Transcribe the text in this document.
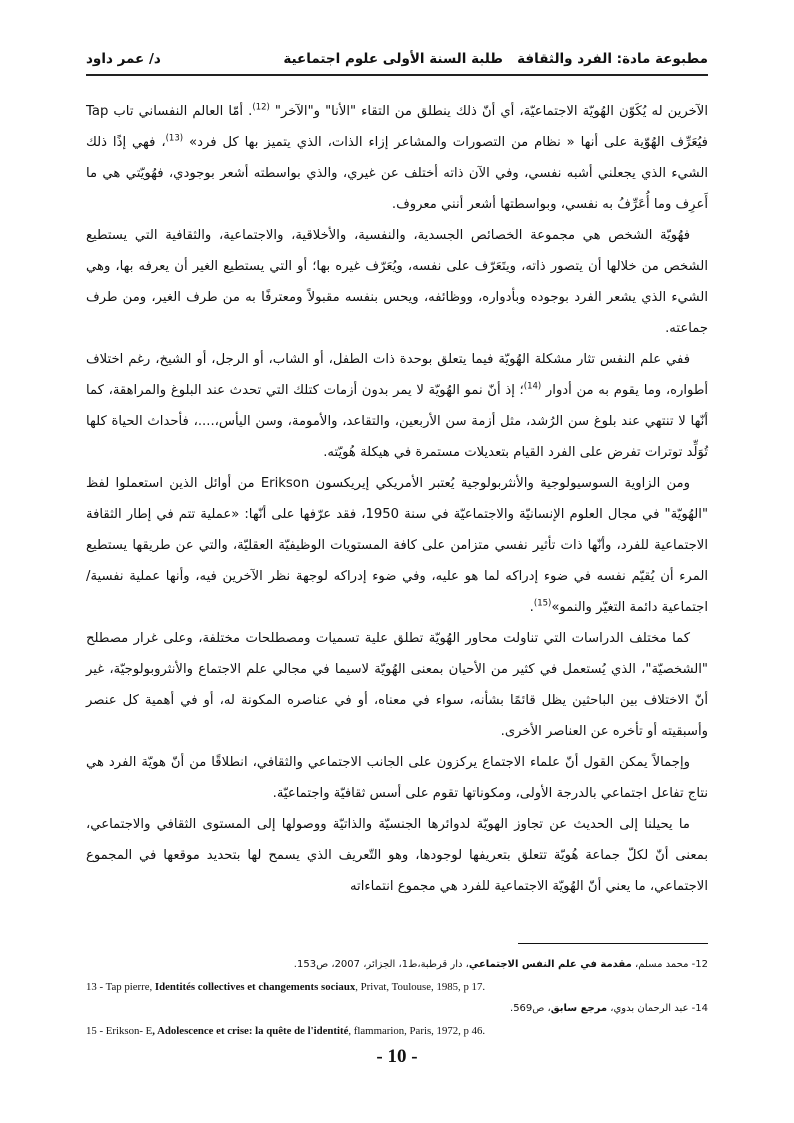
مطبوعة مادة: الفرد والثقافة
طلبة السنة الأولى علوم اجتماعية
د/ عمر داود

الآخرين له يُكَوّن الهُويّة الاجتماعيّة، أي أنّ ذلك ينطلق من التقاء "الأنا" و"الآخر" $^{(12)}$. أمّا العالم النفساني تاب Tap فيُعَرِّف الهُوّية على أنها « نظام من التصورات والمشاعر إزاء الذات، الذي يتميز بها كل فرد» $^{(13)}$، فهي إذًا ذلك الشيء الذي يجعلني أشبه نفسي، وفي الآن ذاته أختلف عن غيري، والذي بواسطته أشعر بوجودي، فهُويّتي هي ما أَعرِف وما أُعَرِّفُ به نفسي، وبواسطتها أشعر أنني معروف.

فهُويّة الشخص هي مجموعة الخصائص الجسدية، والنفسية، والأخلاقية، والاجتماعية، والثقافية التي يستطيع الشخص من خلالها أن يتصور ذاته، ويتَعَرّف على نفسه، ويُعَرّف غيره بها؛ أو التي يستطيع الغير أن يعرفه بها، وهي الشيء الذي يشعر الفرد بوجوده وبأدواره، ووظائفه، ويحس بنفسه مقبولاً ومعترفًا به من طرف الغير، ومن طرف جماعته.

ففي علم النفس تثار مشكلة الهُويّة فيما يتعلق بوحدة ذات الطفل، أو الشاب، أو الرجل، أو الشيخ، رغم اختلاف أطواره، وما يقوم به من أدوار $^{(14)}$؛ إذ أنّ نمو الهُويّة لا يمر بدون أزمات كتلك التي تحدث عند البلوغ والمراهقة، كما أنّها لا تنتهي عند بلوغ سن الرُشد، مثل أزمة سن الأربعين، والتقاعد، والأمومة، وسن اليأس،....، فأحداث الحياة كلها تُوَلِّد توترات تفرض على الفرد القيام بتعديلات مستمرة في هيكلة هُويّته.

ومن الزاوية السوسيولوجية والأنثربولوجية يُعتبر الأمريكي إيريكسون Erikson من أوائل الذين استعملوا لفظ "الهُويّة" في مجال العلوم الإنسانيّة والاجتماعيّة في سنة 1950، فقد عرّفها على أنّها: «عملية تتم في إطار الثقافة الاجتماعية للفرد، وأنّها ذات تأثير نفسي متزامن على كافة المستويات الوظيفيّة العقليّة، والتي عن طريقها يستطيع المرء أن يُقيّم نفسه في ضوء إدراكه لما هو عليه، وفي ضوء إدراكه لوجهة نظر الآخرين فيه، وأنها عملية نفسية/اجتماعية دائمة التغيّر والنمو»$^{(15)}$.

كما مختلف الدراسات التي تناولت محاور الهُويّة تطلق علية تسميات ومصطلحات مختلفة، وعلى غرار مصطلح "الشخصيّة"، الذي يُستعمل في كثير من الأحيان بمعنى الهُويّة لاسيما في مجالي علم الاجتماع والأنثروبولوجيّة، غير أنّ الاختلاف بين الباحثين يظل قائمًا بشأنه، سواء في معناه، أو في عناصره المكونة له، أو في أهمية كل عنصر وأسبقيته أو تأخره عن العناصر الأخرى.

وإجمالاً يمكن القول أنّ علماء الاجتماع يركزون على الجانب الاجتماعي والثقافي، انطلاقًا من أنّ هويّة الفرد هي نتاج تفاعل اجتماعي بالدرجة الأولى، ومكوناتها تقوم على أسس ثقافيّة واجتماعيّة.

ما يحيلنا إلى الحديث عن تجاوز الهويّة لدوائرها الجنسيّة والذاتيّة ووصولها إلى المستوى الثقافي والاجتماعي، بمعنى أنّ لكلّ جماعة هُويّة تتعلق بتعريفها لوجودها، وهو التّعريف الذي يسمح لها بتحديد موقعها في المجموع الاجتماعي، ما يعني أنّ الهُويّة الاجتماعية للفرد هي مجموع انتماءاته

12- محمد مسلم، مقدمة في علم النفس الاجتماعي، دار قرطبة،ط1، الجزائر، 2007، ص153.
13 - Tap pierre, Identités collectives et changements sociaux, Privat, Toulouse, 1985, p 17.
14- عبد الرحمان بدوي، مرجع سابق، ص569.
15 - Erikson- E, Adolescence et crise: la quête de l'identité, flammarion, Paris, 1972, p 46.
- 10 -
